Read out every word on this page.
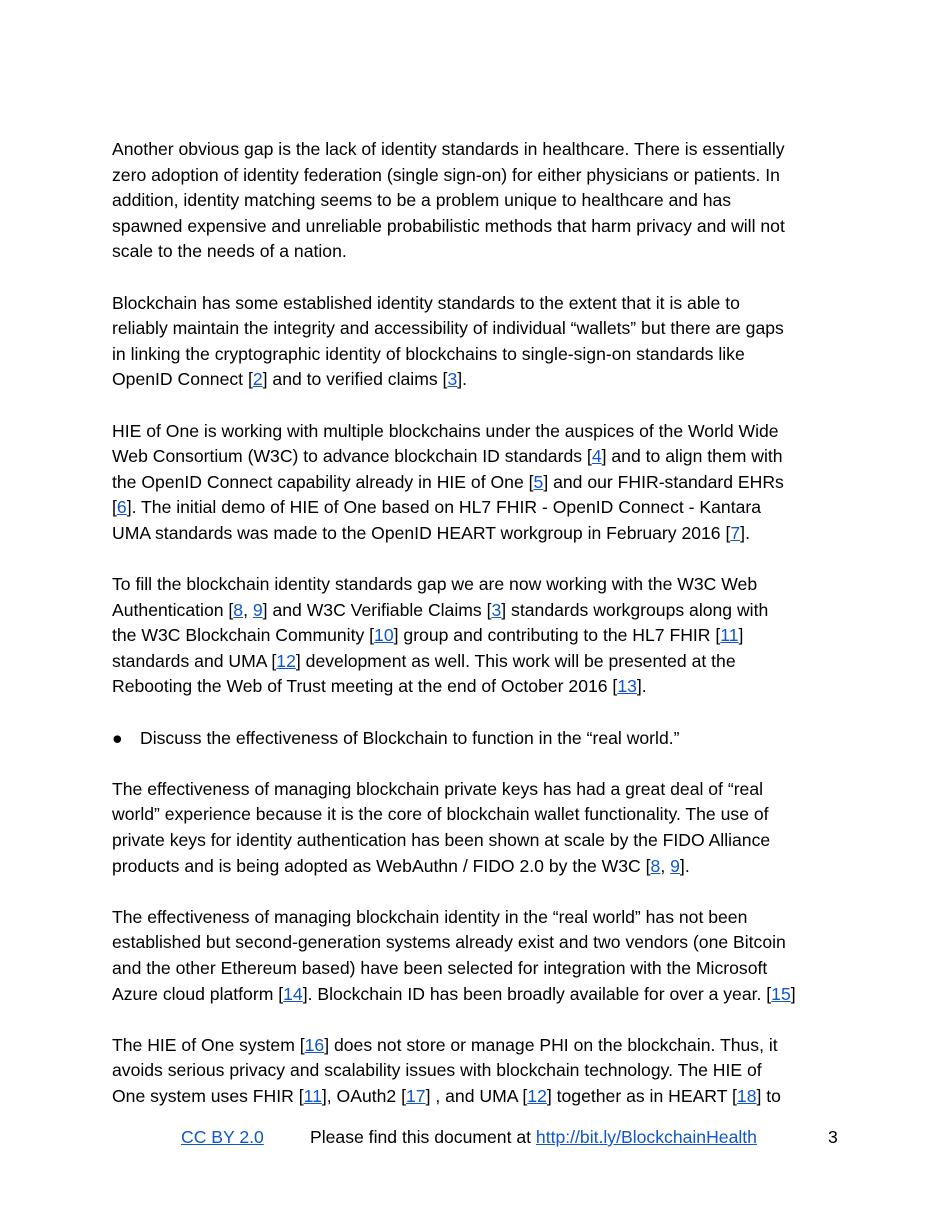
Another obvious gap is the lack of identity standards in healthcare. There is essentially
zero adoption of identity federation (single sign-on) for either physicians or patients. In
addition, identity matching seems to be a problem unique to healthcare and has
spawned expensive and unreliable probabilistic methods that harm privacy and will not
scale to the needs of a nation.
Blockchain has some established identity standards to the extent that it is able to
reliably maintain the integrity and accessibility of individual “wallets” but there are gaps
in linking the cryptographic identity of blockchains to single-sign-on standards like
OpenID Connect [2] and to verified claims [3].
HIE of One is working with multiple blockchains under the auspices of the World Wide
Web Consortium (W3C) to advance blockchain ID standards [4] and to align them with
the OpenID Connect capability already in HIE of One [5] and our FHIR-standard EHRs
[6]. The initial demo of HIE of One based on HL7 FHIR - OpenID Connect - Kantara
UMA standards was made to the OpenID HEART workgroup in February 2016 [7].
To fill the blockchain identity standards gap we are now working with the W3C Web
Authentication [8, 9] and W3C Verifiable Claims [3] standards workgroups along with
the W3C Blockchain Community [10] group and contributing to the HL7 FHIR [11]
standards and UMA [12] development as well. This work will be presented at the
Rebooting the Web of Trust meeting at the end of October 2016 [13].
● Discuss the effectiveness of Blockchain to function in the “real world.”
The effectiveness of managing blockchain private keys has had a great deal of “real
world” experience because it is the core of blockchain wallet functionality. The use of
private keys for identity authentication has been shown at scale by the FIDO Alliance
products and is being adopted as WebAuthn / FIDO 2.0 by the W3C [8, 9].
The effectiveness of managing blockchain identity in the “real world” has not been
established but second-generation systems already exist and two vendors (one Bitcoin
and the other Ethereum based) have been selected for integration with the Microsoft
Azure cloud platform [14]. Blockchain ID has been broadly available for over a year. [15]
The HIE of One system [16] does not store or manage PHI on the blockchain. Thus, it
avoids serious privacy and scalability issues with blockchain technology. The HIE of
One system uses FHIR [11], OAuth2 [17] , and UMA [12] together as in HEART [18] to
CC BY 2.0	Please find this document at http://bit.ly/BlockchainHealth	3
